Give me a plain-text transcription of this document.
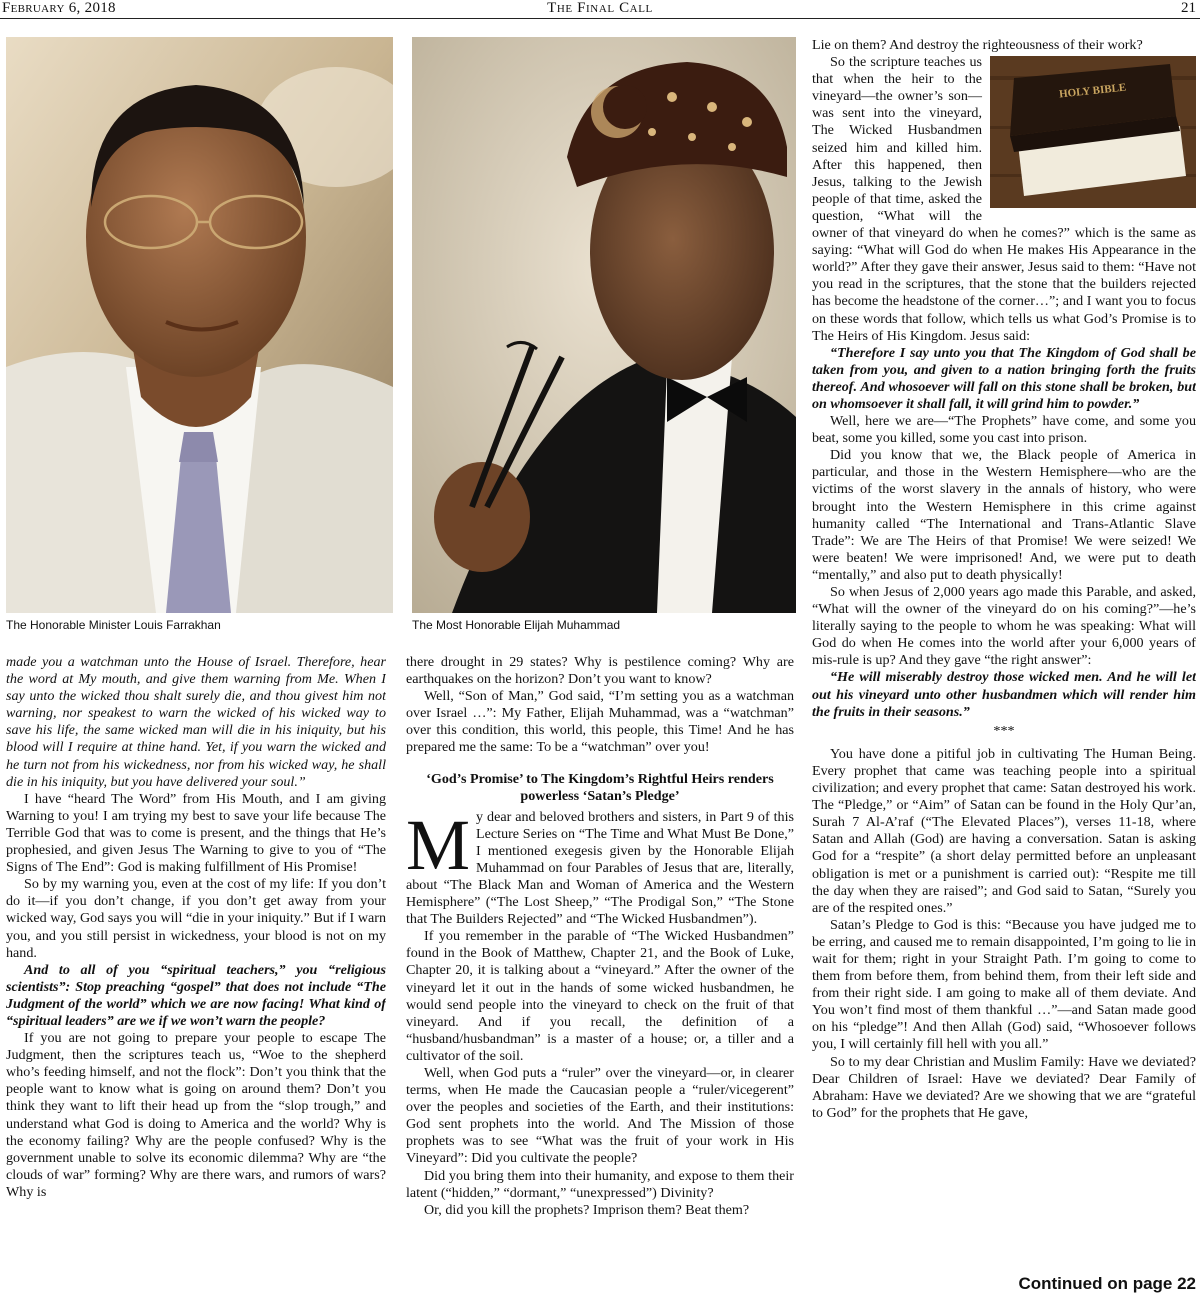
February 6, 2018	The Final Call	21
The Honorable Minister Louis Farrakhan	The Most Honorable Elijah Muhammad

made you a watchman unto the House of Israel. Therefore, hear the word at My mouth, and give them warning from Me. When I say unto the wicked thou shalt surely die, and thou givest him not warning, nor speakest to warn the wicked of his wicked way to save his life, the same wicked man will die in his iniquity, but his blood will I require at thine hand. Yet, if you warn the wicked and he turn not from his wickedness, nor from his wicked way, he shall die in his iniquity, but you have delivered your soul.”

I have “heard The Word” from His Mouth, and I am giving Warning to you! I am trying my best to save your life because The Terrible God that was to come is present, and the things that He’s prophesied, and given Jesus The Warning to give to you of “The Signs of The End”: God is making fulfillment of His Promise!

So by my warning you, even at the cost of my life: If you don’t do it—if you don’t change, if you don’t get away from your wicked way, God says you will “die in your iniquity.” But if I warn you, and you still persist in wickedness, your blood is not on my hand.

And to all of you “spiritual teachers,” you “religious scientists”: Stop preaching “gospel” that does not include “The Judgment of the world” which we are now facing! What kind of “spiritual leaders” are we if we won’t warn the people?

If you are not going to prepare your people to escape The Judgment, then the scriptures teach us, “Woe to the shepherd who’s feeding himself, and not the flock”: Don’t you think that the people want to know what is going on around them? Don’t you think they want to lift their head up from the “slop trough,” and understand what God is doing to America and the world? Why is the economy failing? Why are the people confused? Why is the government unable to solve its economic dilemma? Why are “the clouds of war” forming? Why are there wars, and rumors of wars? Why is

there drought in 29 states? Why is pestilence coming? Why are earthquakes on the horizon? Don’t you want to know?

Well, “Son of Man,” God said, “I’m setting you as a watchman over Israel …”: My Father, Elijah Muhammad, was a “watchman” over this condition, this world, this people, this Time! And he has prepared me the same: To be a “watchman” over you!

‘God’s Promise’ to The Kingdom’s Rightful Heirs renders powerless ‘Satan’s Pledge’

My dear and beloved brothers and sisters, in Part 9 of this Lecture Series on “The Time and What Must Be Done,” I mentioned exegesis given by the Honorable Elijah Muhammad on four Parables of Jesus that are, literally, about “The Black Man and Woman of America and the Western Hemisphere” (“The Lost Sheep,” “The Prodigal Son,” “The Stone that The Builders Rejected” and “The Wicked Husbandmen”).

If you remember in the parable of “The Wicked Husbandmen” found in the Book of Matthew, Chapter 21, and the Book of Luke, Chapter 20, it is talking about a “vineyard.” After the owner of the vineyard let it out in the hands of some wicked husbandmen, he would send people into the vineyard to check on the fruit of that vineyard. And if you recall, the definition of a “husband/husbandman” is a master of a house; or, a tiller and a cultivator of the soil.

Well, when God puts a “ruler” over the vineyard—or, in clearer terms, when He made the Caucasian people a “ruler/vicegerent” over the peoples and societies of the Earth, and their institutions: God sent prophets into the world. And The Mission of those prophets was to see “What was the fruit of your work in His Vineyard”: Did you cultivate the people?

Did you bring them into their humanity, and expose to them their latent (“hidden,” “dormant,” “unexpressed”) Divinity?

Or, did you kill the prophets? Imprison them? Beat them?

Lie on them? And destroy the righteousness of their work?

HOLY BIBLE

So the scripture teaches us that when the heir to the vineyard—the owner’s son—was sent into the vineyard, The Wicked Husbandmen seized him and killed him. After this happened, then Jesus, talking to the Jewish people of that time, asked the question, “What will the owner of that vineyard do when he comes?” which is the same as saying: “What will God do when He makes His Appearance in the world?” After they gave their answer, Jesus said to them: “Have not you read in the scriptures, that the stone that the builders rejected has become the headstone of the corner…”; and I want you to focus on these words that follow, which tells us what God’s Promise is to The Heirs of His Kingdom. Jesus said:

“Therefore I say unto you that The Kingdom of God shall be taken from you, and given to a nation bringing forth the fruits thereof. And whosoever will fall on this stone shall be broken, but on whomsoever it shall fall, it will grind him to powder.”

Well, here we are—“The Prophets” have come, and some you beat, some you killed, some you cast into prison.

Did you know that we, the Black people of America in particular, and those in the Western Hemisphere—who are the victims of the worst slavery in the annals of history, who were brought into the Western Hemisphere in this crime against humanity called “The International and Trans-Atlantic Slave Trade”: We are The Heirs of that Promise! We were seized! We were beaten! We were imprisoned! And, we were put to death “mentally,” and also put to death physically!

So when Jesus of 2,000 years ago made this Parable, and asked, “What will the owner of the vineyard do on his coming?”—he’s literally saying to the people to whom he was speaking: What will God do when He comes into the world after your 6,000 years of mis-rule is up? And they gave “the right answer”:

“He will miserably destroy those wicked men. And he will let out his vineyard unto other husbandmen which will render him the fruits in their seasons.”

***

You have done a pitiful job in cultivating The Human Being. Every prophet that came was teaching people into a spiritual civilization; and every prophet that came: Satan destroyed his work. The “Pledge,” or “Aim” of Satan can be found in the Holy Qur’an, Surah 7 Al-A’raf (“The Elevated Places”), verses 11-18, where Satan and Allah (God) are having a conversation. Satan is asking God for a “respite” (a short delay permitted before an unpleasant obligation is met or a punishment is carried out): “Respite me till the day when they are raised”; and God said to Satan, “Surely you are of the respited ones.”

Satan’s Pledge to God is this: “Because you have judged me to be erring, and caused me to remain disappointed, I’m going to lie in wait for them; right in your Straight Path. I’m going to come to them from before them, from behind them, from their left side and from their right side. I am going to make all of them deviate. And You won’t find most of them thankful …”—and Satan made good on his “pledge”! And then Allah (God) said, “Whosoever follows you, I will certainly fill hell with you all.”

So to my dear Christian and Muslim Family: Have we deviated? Dear Children of Israel: Have we deviated? Dear Family of Abraham: Have we deviated? Are we showing that we are “grateful to God” for the prophets that He gave,

Continued on page 22
